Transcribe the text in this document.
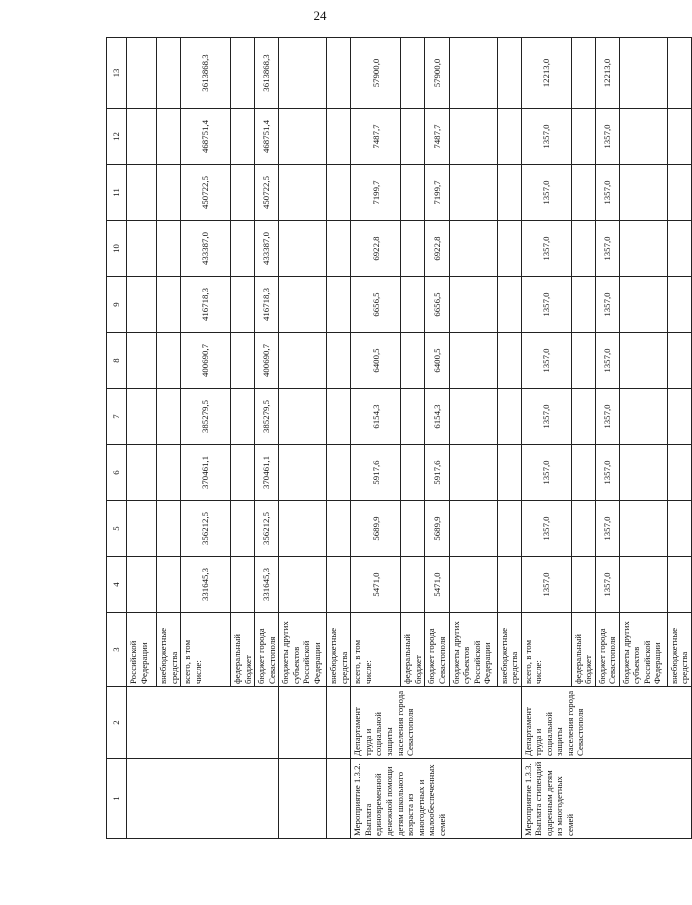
24
1	2	3	4	5	6	7	8	9	10	11	12	13
		Российской Федерации										
		внебюджетные средства										
		всего, в том числе:	331645,3	356212,5	370461,1	385279,5	400690,7	416718,3	433387,0	450722,5	468751,4	3613868,3
		федеральный бюджет										
		бюджет города Севастополя	331645,3	356212,5	370461,1	385279,5	400690,7	416718,3	433387,0	450722,5	468751,4	3613868,3
		бюджеты других субъектов Российской Федерации										
		внебюджетные средства										
Мероприятие 1.3.2. Выплата единовременной денежной помощи детям школьного возраста из многодетных и малообеспеченных семей	Департамент труда и социальной защиты населения города Севастополя	всего, в том числе:	5471,0	5689,9	5917,6	6154,3	6400,5	6656,5	6922,8	7199,7	7487,7	57900,0
		федеральный бюджет										
		бюджет города Севастополя	5471,0	5689,9	5917,6	6154,3	6400,5	6656,5	6922,8	7199,7	7487,7	57900,0
		бюджеты других субъектов Российской Федерации										
		внебюджетные средства										
Мероприятие 1.3.3. Выплата стипендий одаренным детям из многодетных семей	Департамент труда и социальной защиты населения города Севастополя	всего, в том числе:	1357,0	1357,0	1357,0	1357,0	1357,0	1357,0	1357,0	1357,0	1357,0	12213,0
		федеральный бюджет										
		бюджет города Севастополя	1357,0	1357,0	1357,0	1357,0	1357,0	1357,0	1357,0	1357,0	1357,0	12213,0
		бюджеты других субъектов Российской Федерации										
		внебюджетные средства										
